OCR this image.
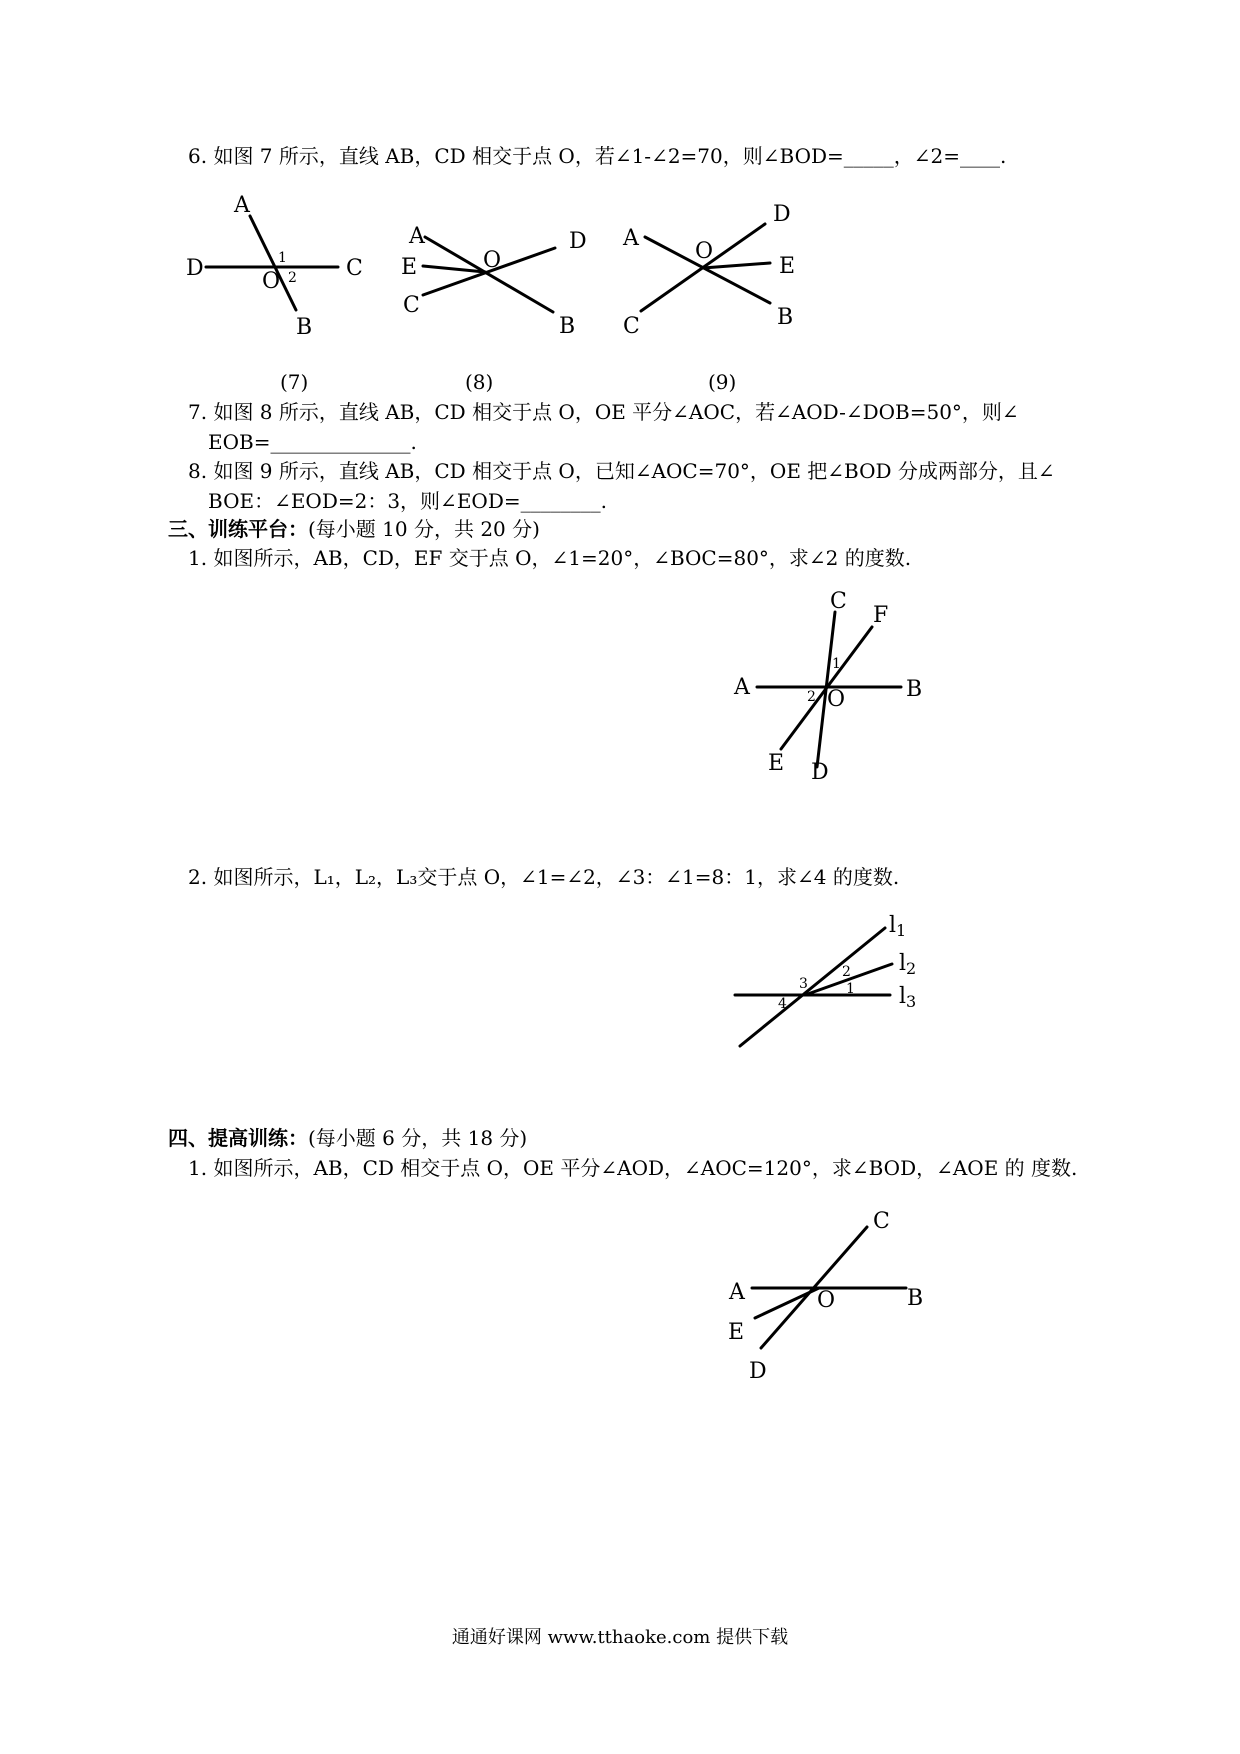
6. 如图 7 所示，直线 AB，CD 相交于点 O，若∠1-∠2=70，则∠BOD=_____，∠2=____.
A
D	C
B
O
1
2
(7)
A
E
C
O
D
B
(8)
A
C
O
D
E
B
(9)
7. 如图 8 所示，直线 AB，CD 相交于点 O，OE 平分∠AOC，若∠AOD-∠DOB=50°，则∠
EOB=______________.
8. 如图 9 所示，直线 AB，CD 相交于点 O，已知∠AOC=70°，OE 把∠BOD 分成两部分，且∠
BOE：∠EOD=2：3，则∠EOD=________.
三、训练平台：(每小题 10 分，共 20 分)
1. 如图所示，AB，CD，EF 交于点 O，∠1=20°，∠BOC=80°，求∠2 的度数.
C
F
A	B
O
E D
1
2
2. 如图所示，L₁，L₂，L₃交于点 O，∠1=∠2，∠3：∠1=8：1，求∠4 的度数.
l1
l2
l3
1
2
3
4
四、提高训练：(每小题 6 分，共 18 分)
1. 如图所示，AB，CD 相交于点 O，OE 平分∠AOD，∠AOC=120°，求∠BOD，∠AOE 的 度数.
C
A	B
O
E
D
通通好课网 www.tthaoke.com 提供下载
